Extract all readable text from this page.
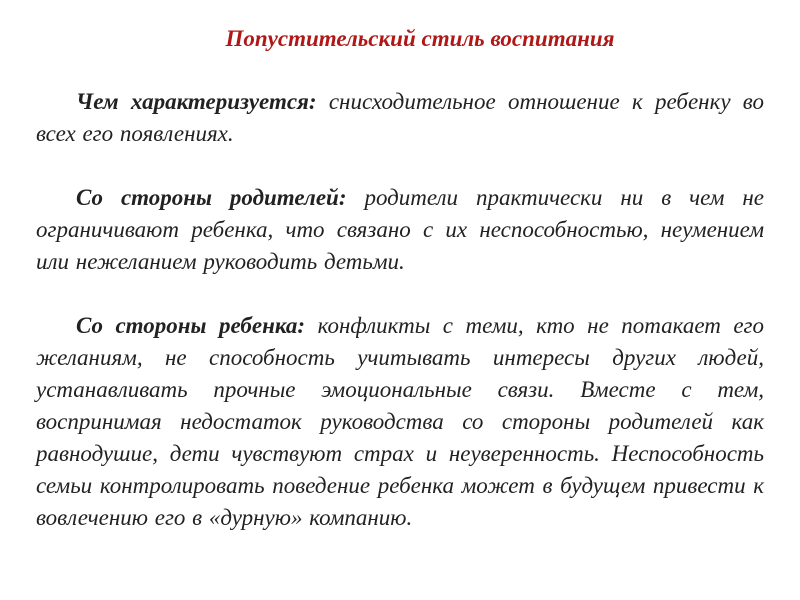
Попустительский стиль воспитания

Чем характеризуется: снисходительное отношение к ребенку во всех его появлениях.

Со стороны родителей: родители практически ни в чем не ограничивают ребенка, что связано с их неспособностью, неумением или нежеланием руководить детьми.

Со стороны ребенка: конфликты с теми, кто не потакает его желаниям, не способность учитывать интересы других людей, устанавливать прочные эмоциональные связи. Вместе с тем, воспринимая недостаток руководства со стороны родителей как равнодушие, дети чувствуют страх и неуверенность. Неспособность семьи контролировать поведение ребенка может в будущем привести к вовлечению его в «дурную» компанию.
